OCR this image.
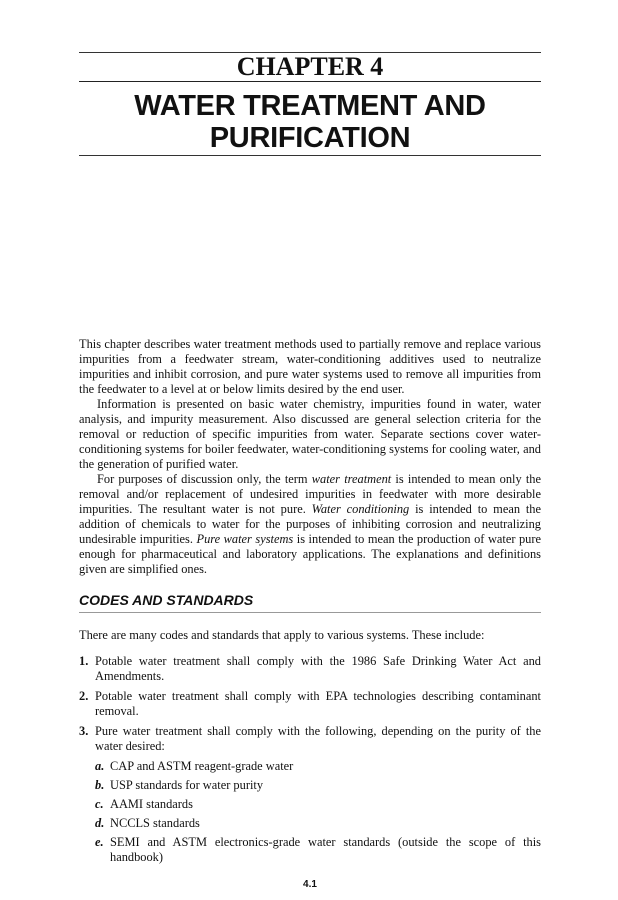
CHAPTER 4
WATER TREATMENT AND
PURIFICATION

This chapter describes water treatment methods used to partially remove and replace various impurities from a feedwater stream, water-conditioning additives used to neutralize impurities and inhibit corrosion, and pure water systems used to remove all impurities from the feedwater to a level at or below limits desired by the end user.

Information is presented on basic water chemistry, impurities found in water, water analysis, and impurity measurement. Also discussed are general selection criteria for the removal or reduction of specific impurities from water. Separate sections cover water-conditioning systems for boiler feedwater, water-conditioning systems for cooling water, and the generation of purified water.

For purposes of discussion only, the term water treatment is intended to mean only the removal and/or replacement of undesired impurities in feedwater with more desirable impurities. The resultant water is not pure. Water conditioning is intended to mean the addition of chemicals to water for the purposes of inhibiting corrosion and neutralizing undesirable impurities. Pure water systems is intended to mean the production of water pure enough for pharmaceutical and laboratory applications. The explanations and definitions given are simplified ones.

CODES AND STANDARDS
There are many codes and standards that apply to various systems. These include:
1. Potable water treatment shall comply with the 1986 Safe Drinking Water Act and Amendments.
2. Potable water treatment shall comply with EPA technologies describing contaminant removal.
3. Pure water treatment shall comply with the following, depending on the purity of the water desired:
a. CAP and ASTM reagent-grade water
b. USP standards for water purity
c. AAMI standards
d. NCCLS standards
e. SEMI and ASTM electronics-grade water standards (outside the scope of this handbook)
4.1
